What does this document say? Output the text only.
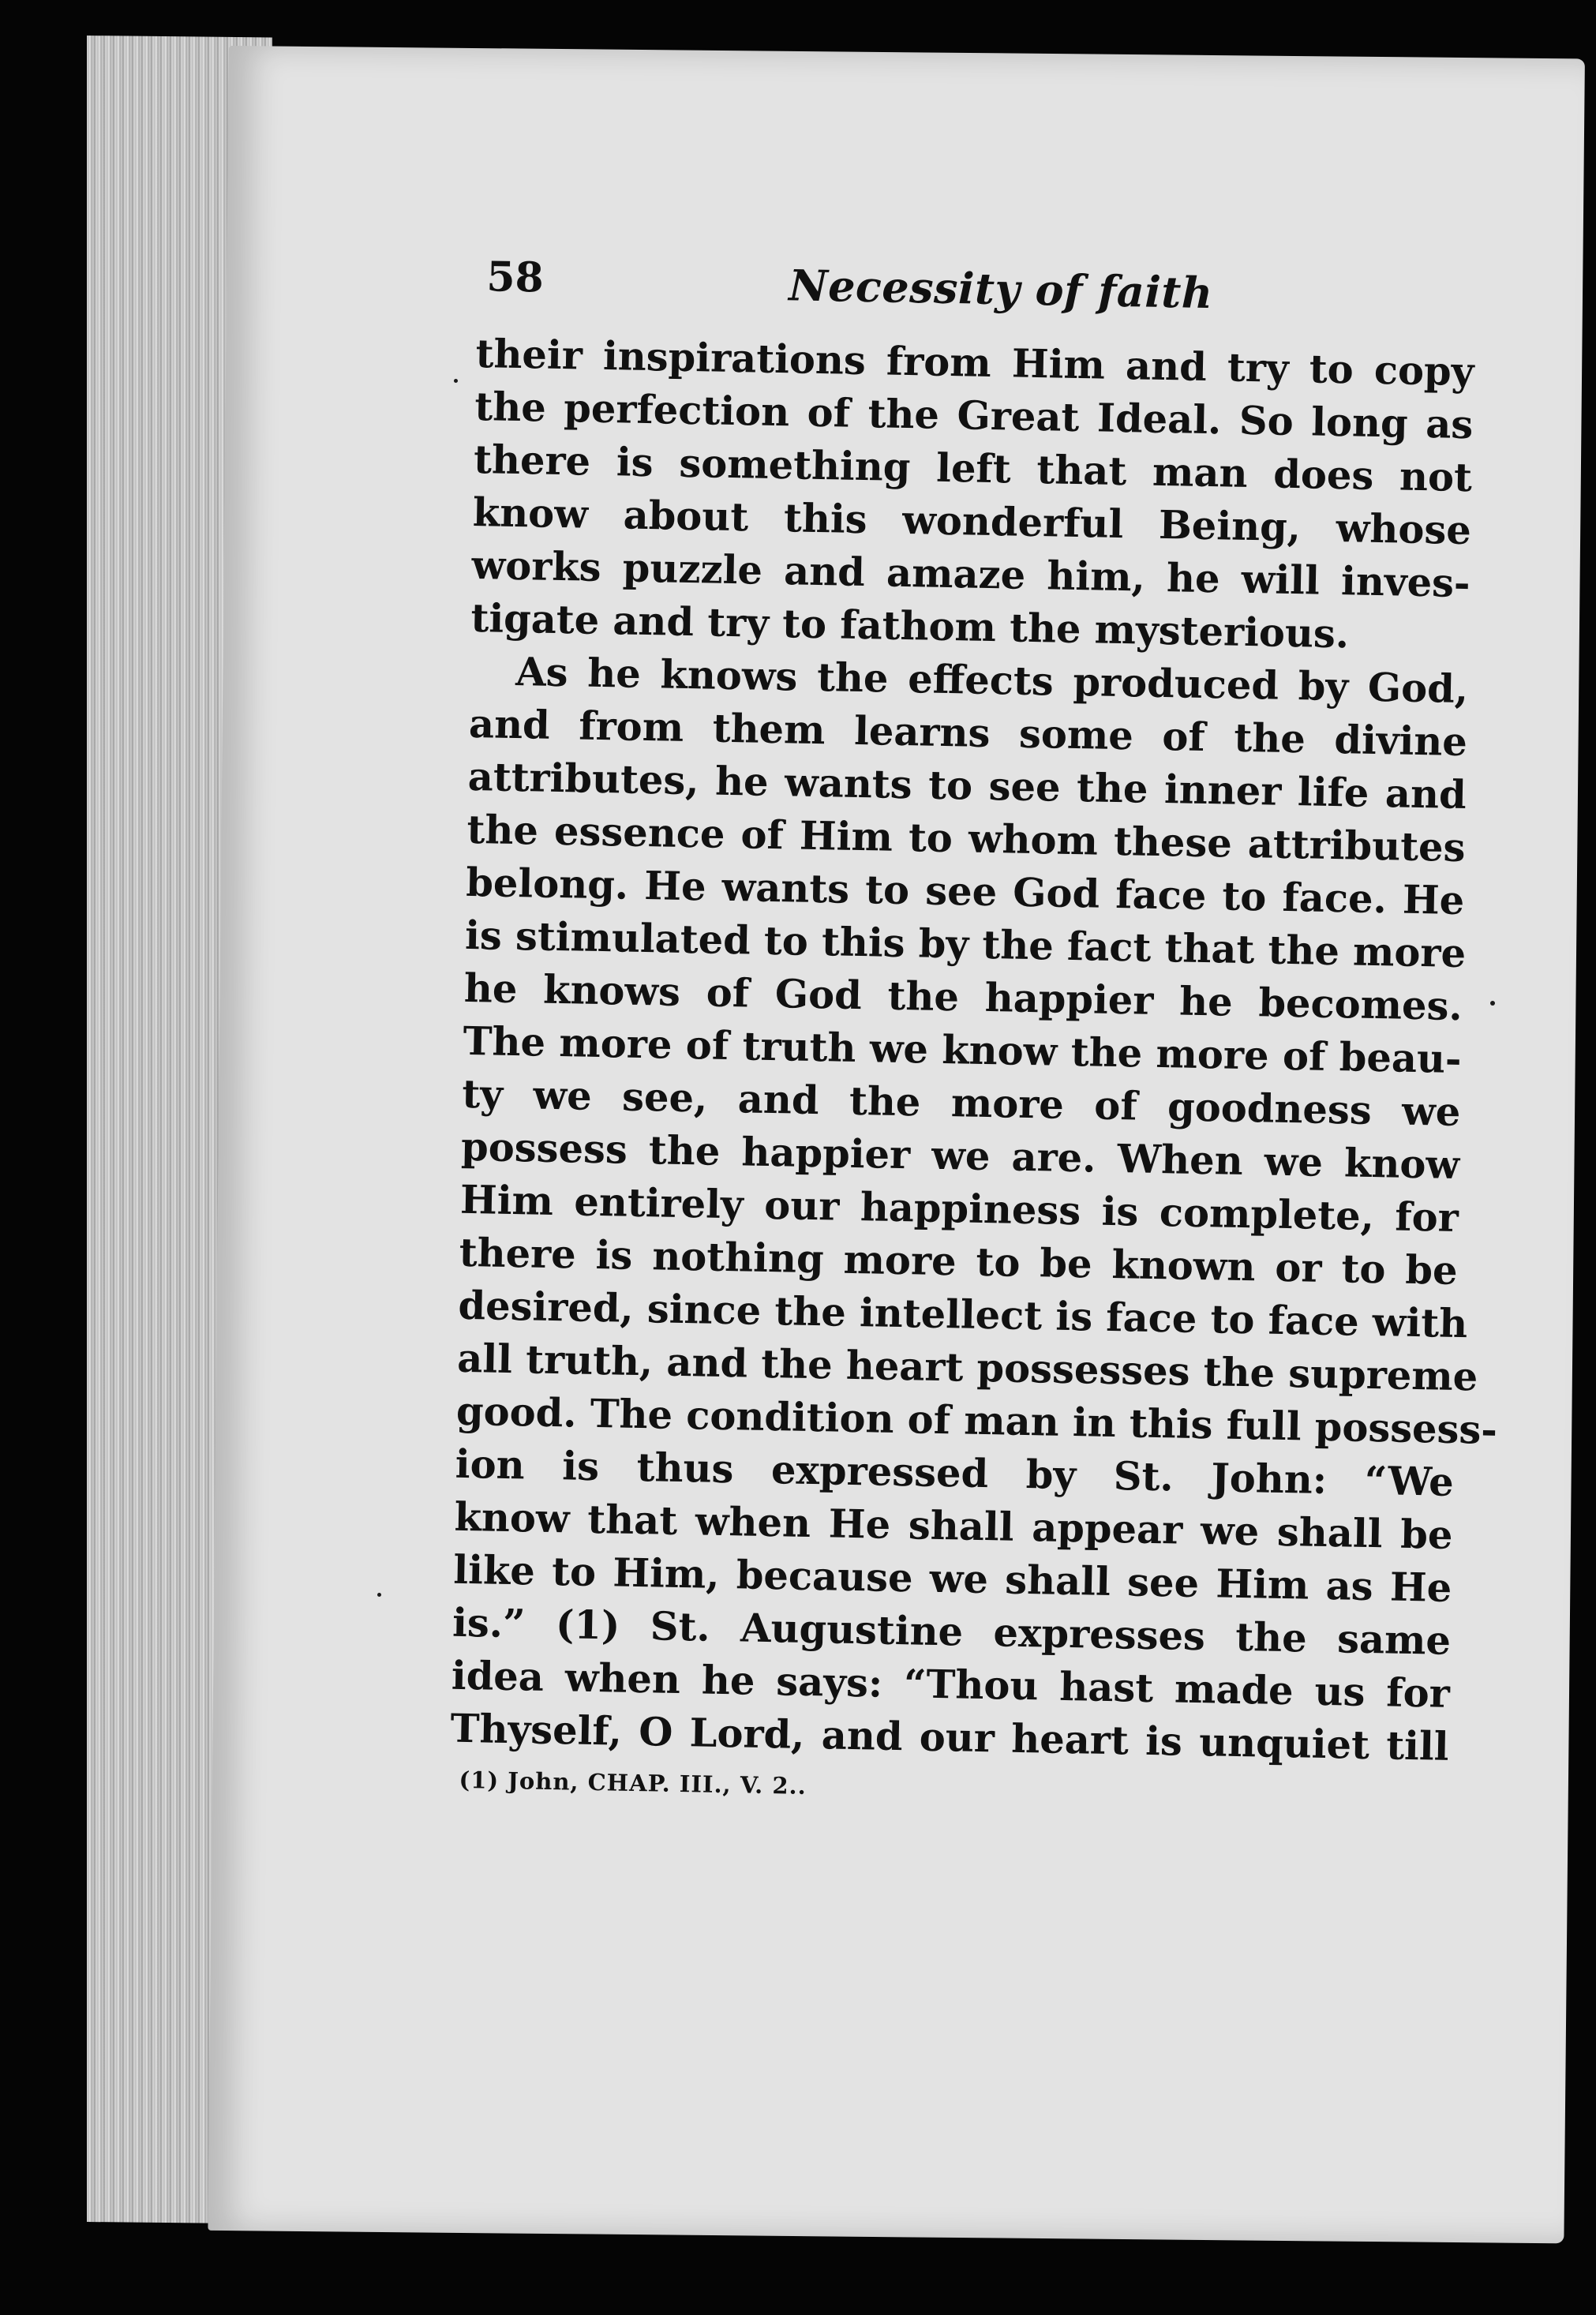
58	Necessity of faith
their inspirations from Him and try to copy
the perfection of the Great Ideal. So long as
there is something left that man does not
know about this wonderful Being, whose
works puzzle and amaze him, he will inves-
tigate and try to fathom the mysterious.
As he knows the effects produced by God,
and from them learns some of the divine
attributes, he wants to see the inner life and
the essence of Him to whom these attributes
belong. He wants to see God face to face. He
is stimulated to this by the fact that the more
he knows of God the happier he becomes.
The more of truth we know the more of beau-
ty we see, and the more of goodness we
possess the happier we are. When we know
Him entirely our happiness is complete, for
there is nothing more to be known or to be
desired, since the intellect is face to face with
all truth, and the heart possesses the supreme
good. The condition of man in this full possess-
ion is thus expressed by St. John: “We
know that when He shall appear we shall be
like to Him, because we shall see Him as He
is.” (1) St. Augustine expresses the same
idea when he says: “Thou hast made us for
Thyself, O Lord, and our heart is unquiet till
(1) John, CHAP. III., V. 2..
